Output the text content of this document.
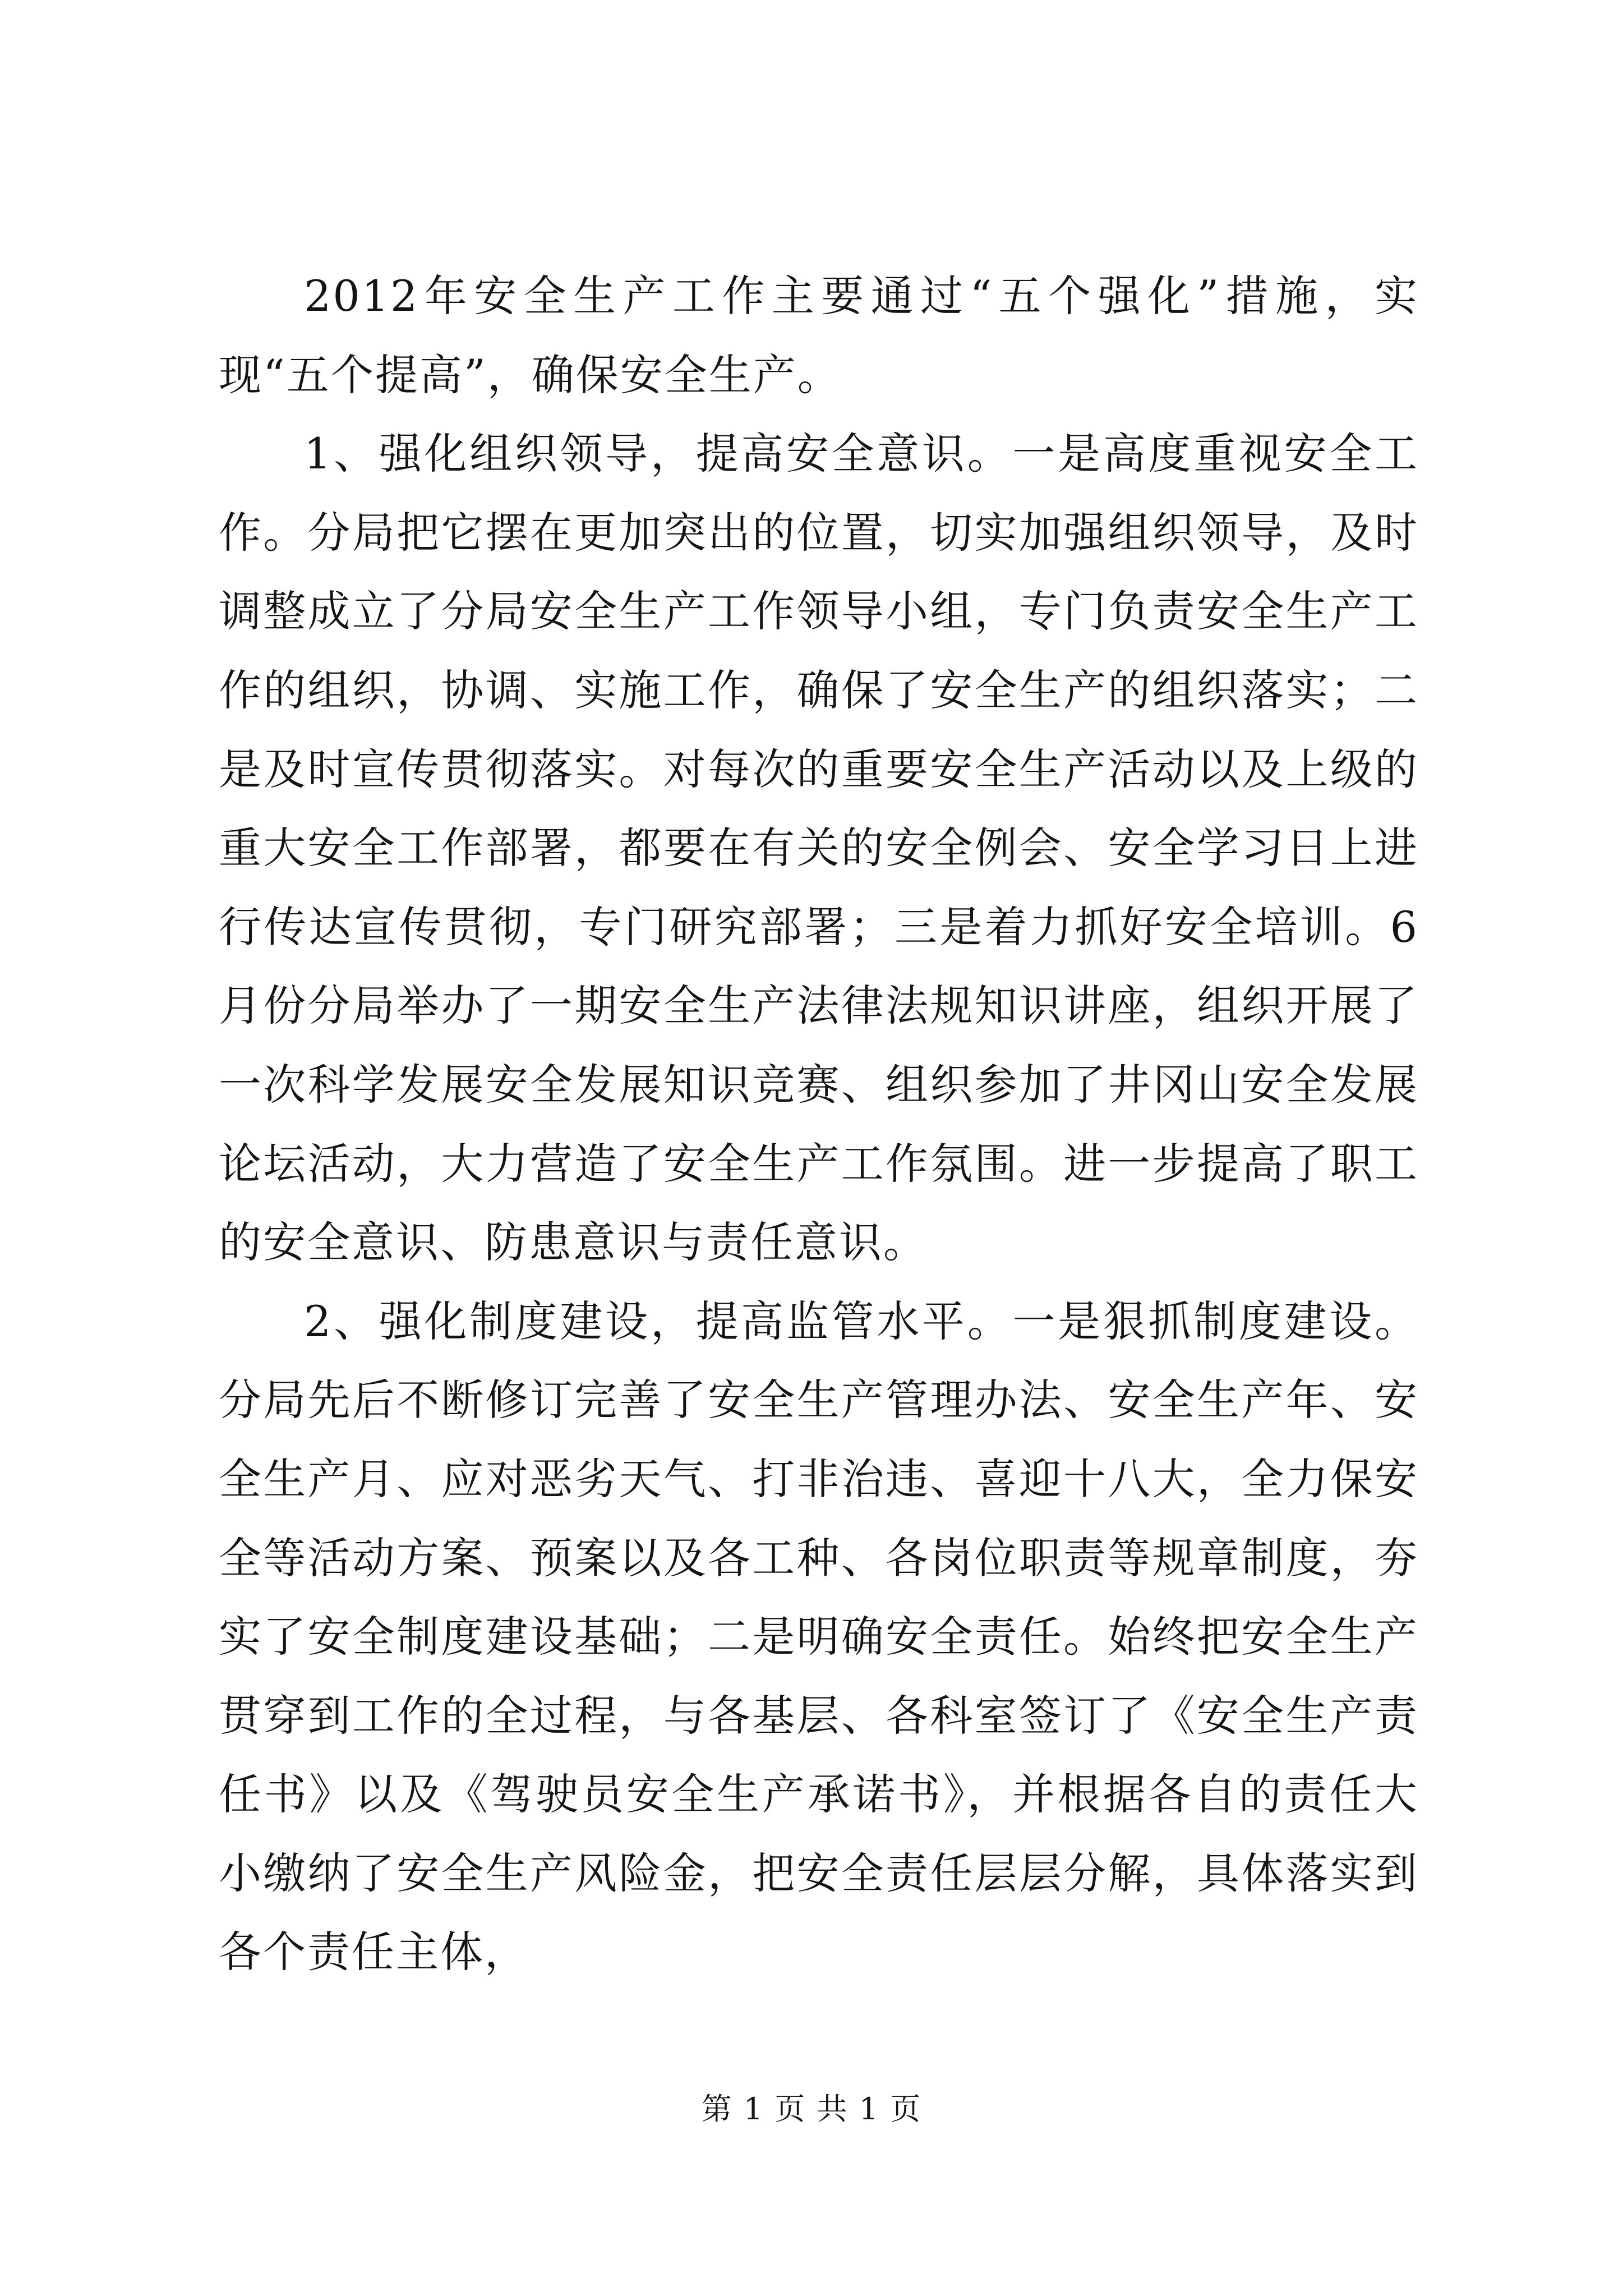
2012年安全生产工作主要通过“五个强化”措施，实现“五个提高”，确保安全生产。

1、强化组织领导，提高安全意识。一是高度重视安全工作。分局把它摆在更加突出的位置，切实加强组织领导，及时调整成立了分局安全生产工作领导小组，专门负责安全生产工作的组织，协调、实施工作，确保了安全生产的组织落实；二是及时宣传贯彻落实。对每次的重要安全生产活动以及上级的重大安全工作部署，都要在有关的安全例会、安全学习日上进行传达宣传贯彻，专门研究部署；三是着力抓好安全培训。6月份分局举办了一期安全生产法律法规知识讲座，组织开展了一次科学发展安全发展知识竞赛、组织参加了井冈山安全发展论坛活动，大力营造了安全生产工作氛围。进一步提高了职工的安全意识、防患意识与责任意识。

2、强化制度建设，提高监管水平。一是狠抓制度建设。分局先后不断修订完善了安全生产管理办法、安全生产年、安全生产月、应对恶劣天气、打非治违、喜迎十八大，全力保安全等活动方案、预案以及各工种、各岗位职责等规章制度，夯实了安全制度建设基础；二是明确安全责任。始终把安全生产贯穿到工作的全过程，与各基层、各科室签订了《安全生产责任书》以及《驾驶员安全生产承诺书》，并根据各自的责任大小缴纳了安全生产风险金，把安全责任层层分解，具体落实到各个责任主体，

第 1 页 共 1 页
